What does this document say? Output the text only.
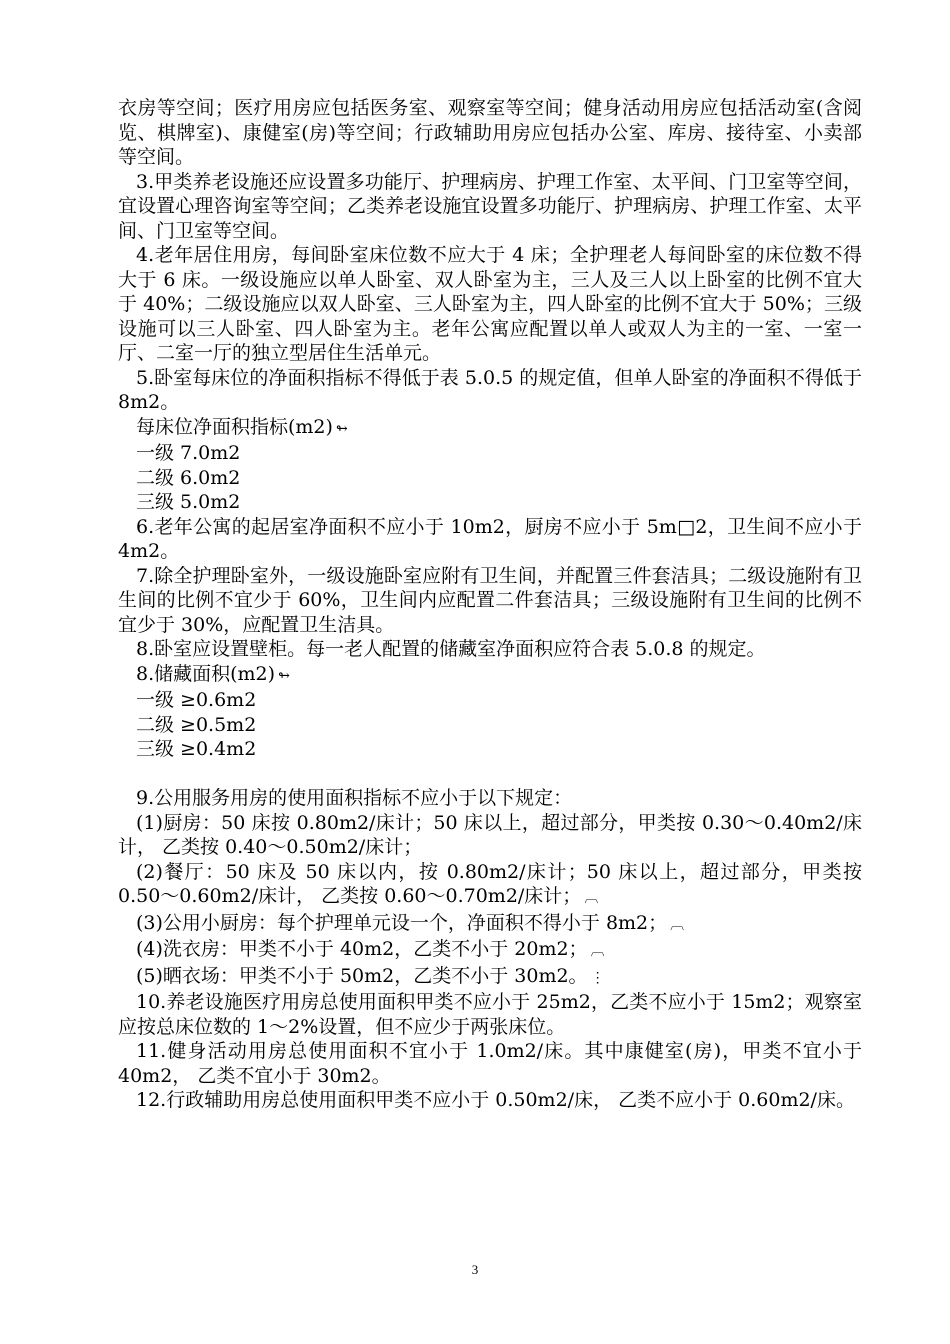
衣房等空间；医疗用房应包括医务室、观察室等空间；健身活动用房应包括活动室(含阅览、棋牌室)、康健室(房)等空间；行政辅助用房应包括办公室、库房、接待室、小卖部等空间。

3.甲类养老设施还应设置多功能厅、护理病房、护理工作室、太平间、门卫室等空间，宜设置心理咨询室等空间；乙类养老设施宜设置多功能厅、护理病房、护理工作室、太平间、门卫室等空间。

4.老年居住用房，每间卧室床位数不应大于 4 床；全护理老人每间卧室的床位数不得大于 6 床。一级设施应以单人卧室、双人卧室为主，三人及三人以上卧室的比例不宜大于 40%；二级设施应以双人卧室、三人卧室为主，四人卧室的比例不宜大于 50%；三级设施可以三人卧室、四人卧室为主。老年公寓应配置以单人或双人为主的一室、一室一厅、二室一厅的独立型居住生活单元。

5.卧室每床位的净面积指标不得低于表 5.0.5 的规定值，但单人卧室的净面积不得低于 8m2。

每床位净面积指标(m2) ↬

一级 7.0m2

二级 6.0m2

三级 5.0m2

6.老年公寓的起居室净面积不应小于 10m2，厨房不应小于 5m□2，卫生间不应小于 4m2。

7.除全护理卧室外，一级设施卧室应附有卫生间，并配置三件套洁具；二级设施附有卫生间的比例不宜少于 60%，卫生间内应配置二件套洁具；三级设施附有卫生间的比例不宜少于 30%，应配置卫生洁具。

8.卧室应设置壁柜。每一老人配置的储藏室净面积应符合表 5.0.8 的规定。

8.储藏面积(m2) ↬

一级 ≥0.6m2

二级 ≥0.5m2

三级 ≥0.4m2

9.公用服务用房的使用面积指标不应小于以下规定：

(1)厨房：50 床按 0.80m2/床计；50 床以上，超过部分，甲类按 0.30～0.40m2/床计， 乙类按 0.40～0.50m2/床计；

(2)餐厅：50 床及 50 床以内，按 0.80m2/床计；50 床以上，超过部分，甲类按 0.50～0.60m2/床计， 乙类按 0.60～0.70m2/床计； ︹

(3)公用小厨房：每个护理单元设一个，净面积不得小于 8m2； ︹

(4)洗衣房：甲类不小于 40m2，乙类不小于 20m2； ︹

(5)晒衣场：甲类不小于 50m2，乙类不小于 30m2。 ⋮

10.养老设施医疗用房总使用面积甲类不应小于 25m2，乙类不应小于 15m2；观察室应按总床位数的 1～2%设置，但不应少于两张床位。

11.健身活动用房总使用面积不宜小于 1.0m2/床。其中康健室(房)，甲类不宜小于 40m2， 乙类不宜小于 30m2。

12.行政辅助用房总使用面积甲类不应小于 0.50m2/床， 乙类不应小于 0.60m2/床。

3
